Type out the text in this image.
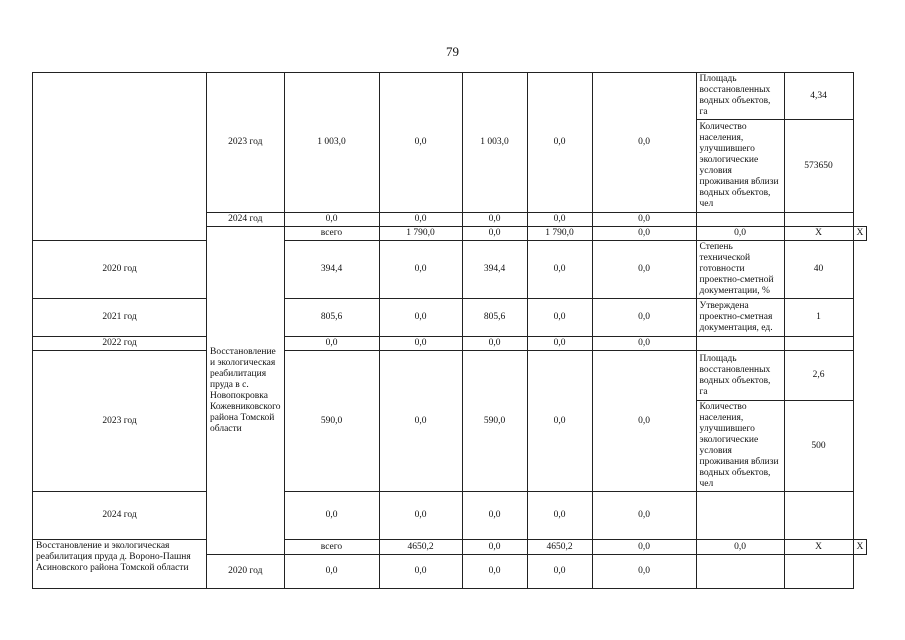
79
	2023 год	1 003,0	0,0	1 003,0	0,0	0,0	Площадь восстановленных водных объектов, га	4,34	
							Количество населения, улучшившего экологические условия проживания вблизи водных объектов, чел	573650	
	2024 год	0,0	0,0	0,0	0,0	0,0			
	Восстановление и экологическая реабилитация пруда в с. Новопокровка Кожевниковского района Томской области	всего	1 790,0	0,0	1 790,0	0,0	0,0	Х	Х
2020 год		394,4	0,0	394,4	0,0	0,0	Степень технической готовности проектно-сметной документации, %	40	
2021 год		805,6	0,0	805,6	0,0	0,0	Утверждена проектно-сметная документация, ед.	1	
2022 год		0,0	0,0	0,0	0,0	0,0			
2023 год		590,0	0,0	590,0	0,0	0,0	Площадь восстановленных водных объектов, га	2,6	
							Количество населения, улучшившего экологические условия проживания вблизи водных объектов, чел	500	
2024 год		0,0	0,0	0,0	0,0	0,0			
Восстановление и экологическая реабилитация пруда д. Вороно-Пашня Асиновского района Томской области		всего	4650,2	0,0	4650,2	0,0	0,0	Х	Х
	2020 год	0,0	0,0	0,0	0,0	0,0			
